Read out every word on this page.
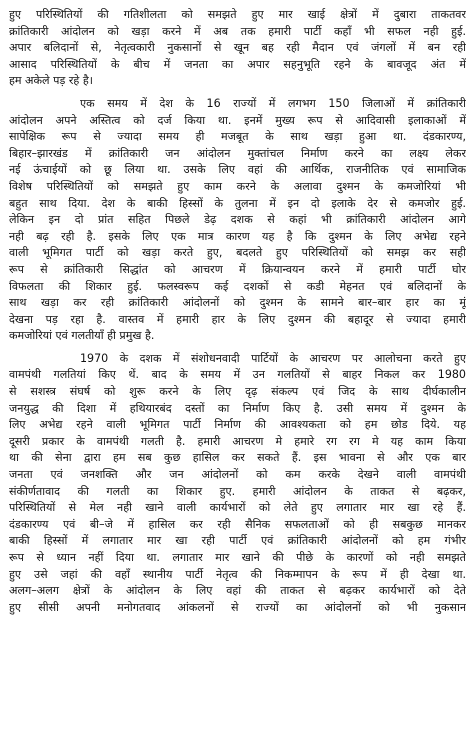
हुए परिस्थितियों की गतिशीलता को समझते हुए मार खाई क्षेत्रों में दुबारा ताकतवर
क्रांतिकारी आंदोलन को खड़ा करने में अब तक हमारी पार्टी कहाँ भी सफल नही हुई.
अपार बलिदानों से, नेतृत्वकारी नुकसानों से खून बह रही मैदान एवं जंगलों में बन रही
आसाद परिस्थितियों के बीच में जनता का अपार सहनुभूति रहने के बावजूद अंत में
हम अकेले पड़ रहे है।
एक समय में देश के 16 राज्यों में लगभग 150 जिलाओं में क्रांतिकारी
आंदोलन अपने अस्तित्व को दर्ज किया था. इनमें मुख्य रूप से आदिवासी इलाकाओं में
सापेक्षिक रूप से ज्यादा समय ही मजबूत के साथ खड़ा हुआ था. दंडकारण्य,
बिहार–झारखंड में क्रांतिकारी जन आंदोलन मुक्तांचल निर्माण करने का लक्ष्य लेकर
नई ऊंचाईयों को छू लिया था. उसके लिए वहां की आर्थिक, राजनीतिक एवं सामाजिक
विशेष परिस्थितियों को समझते हुए काम करने के अलावा दुश्मन के कमजोरियां भी
बहुत साथ दिया. देश के बाकी हिस्सों के तुलना में इन दो इलाके देर से कमजोर हुई.
लेकिन इन दो प्रांत सहित पिछले डेढ़ दशक से कहां भी क्रांतिकारी आंदोलन आगे
नही बढ़ रही है. इसके लिए एक मात्र कारण यह है कि दुश्मन के लिए अभेद्य रहने
वाली भूमिगत पार्टी को खड़ा करते हुए, बदलते हुए परिस्थितियों को समझ कर सही
रूप से क्रांतिकारी सिद्धांत को आचरण में क्रियान्वयन करने में हमारी पार्टी घोर
विफलता की शिकार हुई. फलस्वरूप कई दशकों से कडी मेहनत एवं बलिदानों के
साथ खड़ा कर रही क्रांतिकारी आंदोलनों को दुश्मन के सामने बार–बार हार का मूं
देखना पड़ रहा है. वास्तव में हमारी हार के लिए दुश्मन की बहादूर से ज्यादा हमारी
कमजोरियां एवं गलतीयाँ ही प्रमुख है.
1970 के दशक में संशोधनवादी पार्टियों के आचरण पर आलोचना करते हुए
वामपंथी गलतियां किए थें. बाद के समय में उन गलतियों से बाहर निकल कर 1980
से सशस्त्र संघर्ष को शुरू करने के लिए दृढ़ संकल्प एवं जिद के साथ दीर्घकालीन
जनयुद्ध की दिशा में हथियारबंद दस्तों का निर्माण किए है. उसी समय में दुश्मन के
लिए अभेद्य रहने वाली भूमिगत पार्टी निर्माण की आवश्यकता को हम छोड दिये. यह
दूसरी प्रकार के वामपंथी गलती है. हमारी आचरण मे हमारे रग रग मे यह काम किया
था की सेना द्वारा हम सब कुछ हासिल कर सकते हैं. इस भावना से और एक बार
जनता एवं जनशक्ति और जन आंदोलनों को कम करके देखने वाली वामपंथी
संकीर्णतावाद की गलती का शिकार हुए. हमारी आंदोलन के ताकत से बढ़कर,
परिस्थितियों से मेल नही खाने वाली कार्यभारों को लेते हुए लगातार मार खा रहे हैं.
दंडकारण्य एवं बी–जे में हासिल कर रही सैनिक सफलताओं को ही सबकुछ मानकर
बाकी हिस्सों में लगातार मार खा रही पार्टी एवं क्रांतिकारी आंदोलनों को हम गंभीर
रूप से ध्यान नहीं दिया था. लगातार मार खाने की पीछे के कारणों को नही समझते
हुए उसे जहां की वहाँ स्थानीय पार्टी नेतृत्व की निकम्मापन के रूप में ही देखा था.
अलग–अलग क्षेत्रों के आंदोलन के लिए वहां की ताकत से बढ़कर कार्यभारों को देते
हुए सीसी अपनी मनोगतवाद आंकलनों से राज्यों का आंदोलनों को भी नुकसान
